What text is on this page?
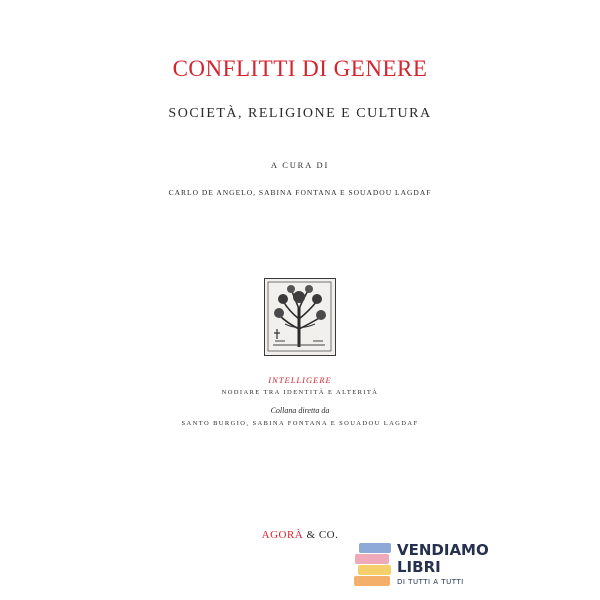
CONFLITTI DI GENERE
SOCIETÀ, RELIGIONE E CULTURA
A CURA DI
CARLO DE ANGELO, SABINA FONTANA E SOUADOU LAGDAF
INTELLIGERE
NODIARE TRA IDENTITÀ E ALTERITÀ
Collana diretta da
SANTO BURGIO, SABINA FONTANA E SOUADOU LAGDAF
AGORÀ & CO.
VENDIAMO
LIBRI
DI TUTTI A TUTTI
